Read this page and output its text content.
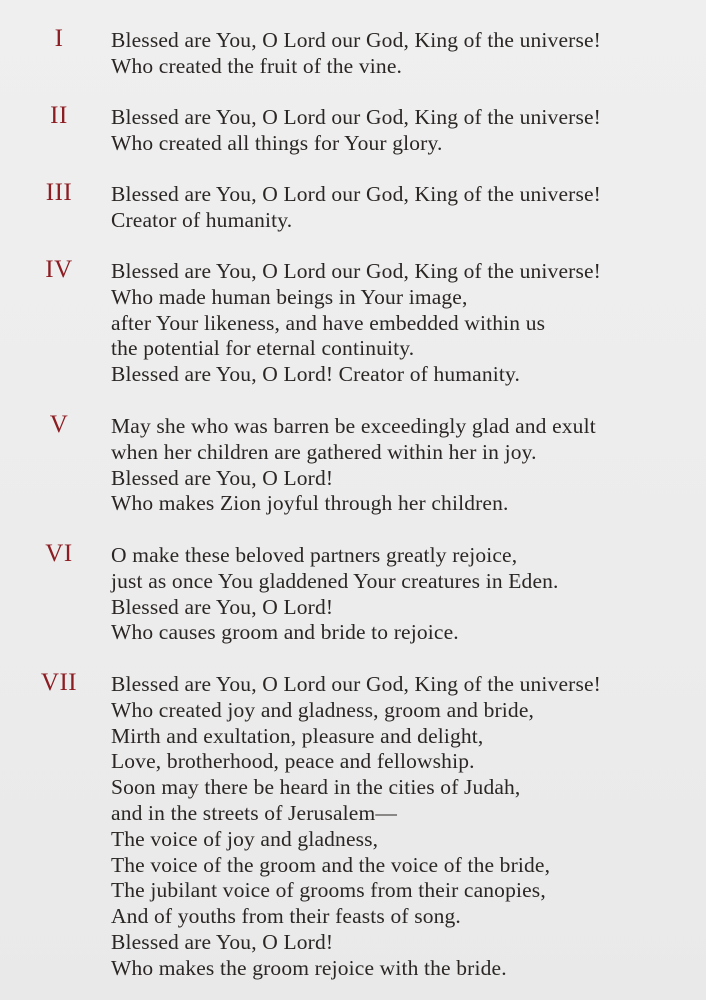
I	Blessed are You, O Lord our God, King of the universe!
Who created the fruit of the vine.
II	Blessed are You, O Lord our God, King of the universe!
Who created all things for Your glory.
III	Blessed are You, O Lord our God, King of the universe!
Creator of humanity.
IV	Blessed are You, O Lord our God, King of the universe!
Who made human beings in Your image,
after Your likeness, and have embedded within us
the potential for eternal continuity.
Blessed are You, O Lord! Creator of humanity.
V	May she who was barren be exceedingly glad and exult
when her children are gathered within her in joy.
Blessed are You, O Lord!
Who makes Zion joyful through her children.
VI	O make these beloved partners greatly rejoice,
just as once You gladdened Your creatures in Eden.
Blessed are You, O Lord!
Who causes groom and bride to rejoice.
VII	Blessed are You, O Lord our God, King of the universe!
Who created joy and gladness, groom and bride,
Mirth and exultation, pleasure and delight,
Love, brotherhood, peace and fellowship.
Soon may there be heard in the cities of Judah,
and in the streets of Jerusalem—
The voice of joy and gladness,
The voice of the groom and the voice of the bride,
The jubilant voice of grooms from their canopies,
And of youths from their feasts of song.
Blessed are You, O Lord!
Who makes the groom rejoice with the bride.
